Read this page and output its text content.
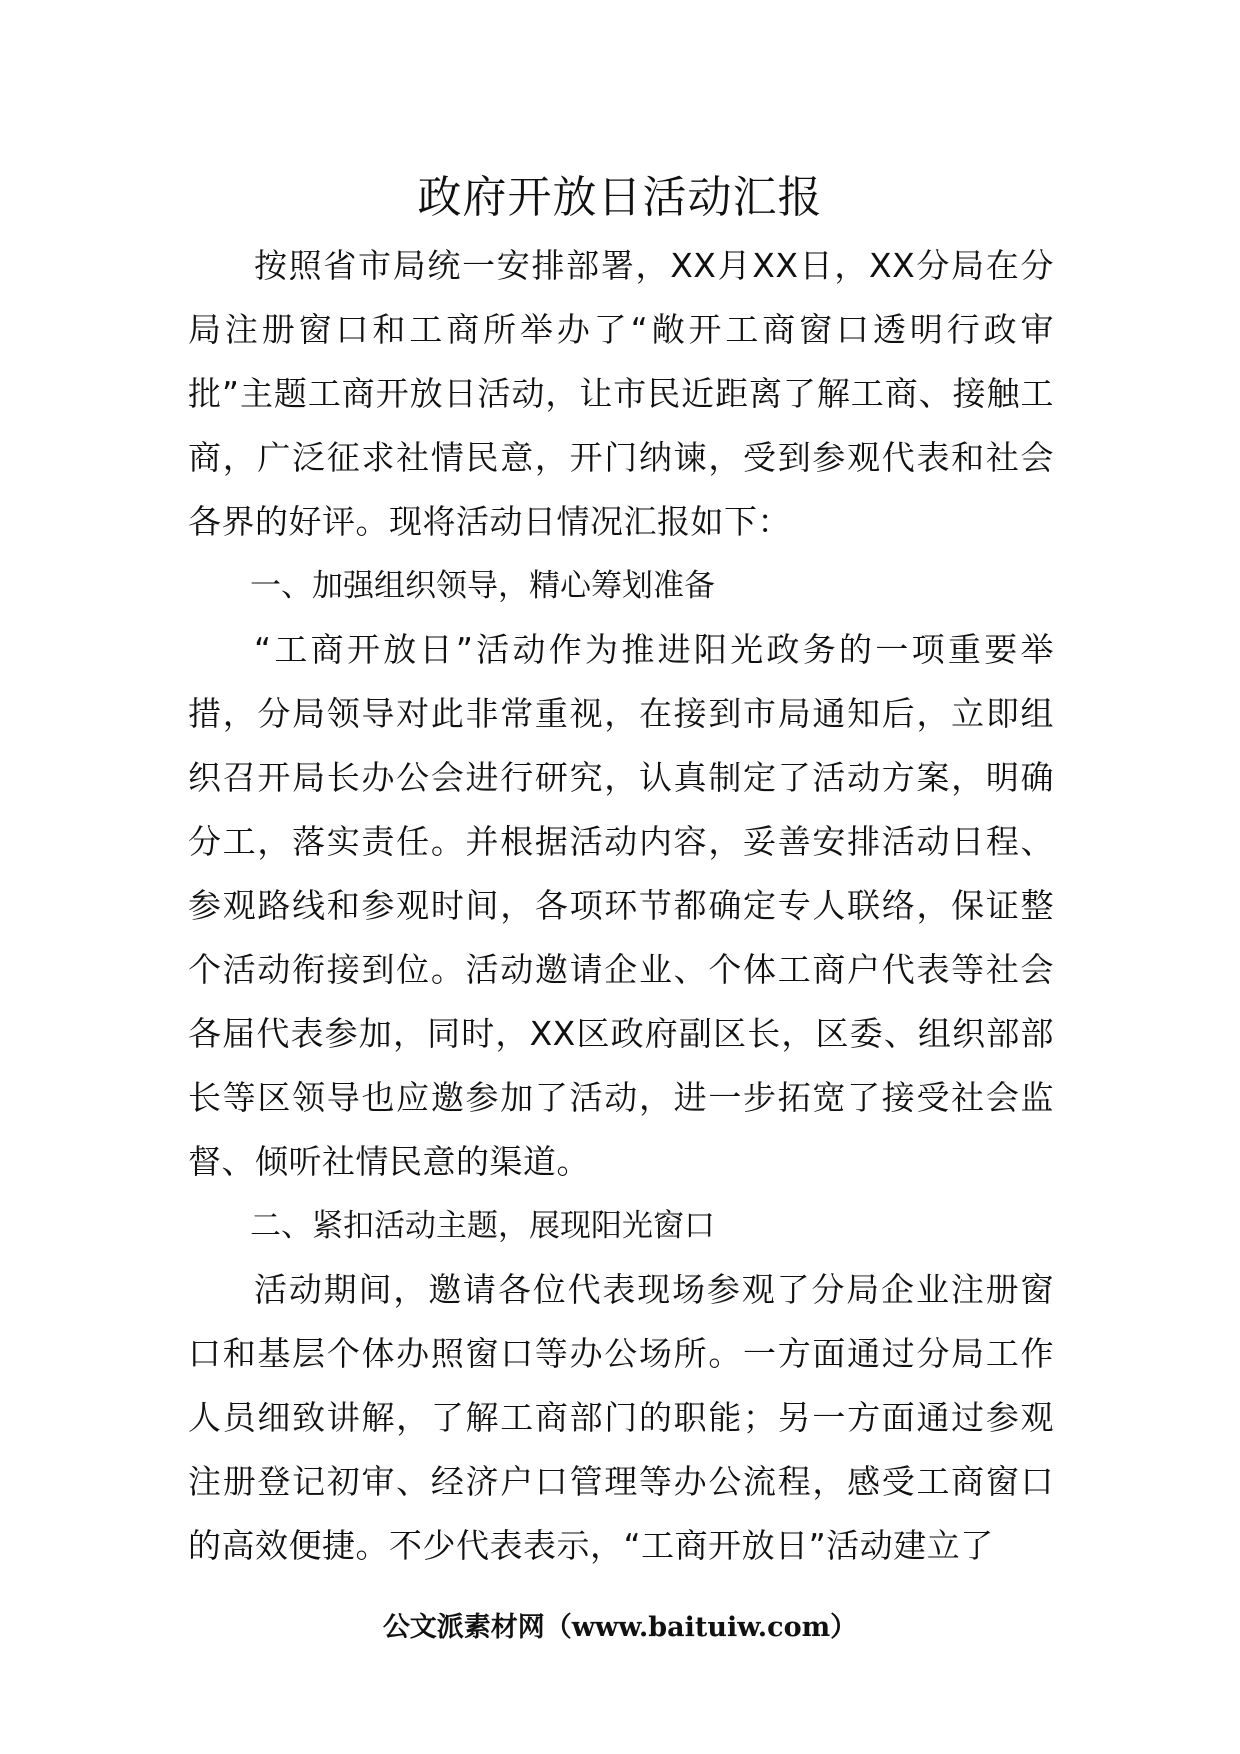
政府开放日活动汇报

按照省市局统一安排部署，XX月XX日，XX分局在分局注册窗口和工商所举办了“敞开工商窗口透明行政审批”主题工商开放日活动，让市民近距离了解工商、接触工商，广泛征求社情民意，开门纳谏，受到参观代表和社会各界的好评。现将活动日情况汇报如下：

一、加强组织领导，精心筹划准备

“工商开放日”活动作为推进阳光政务的一项重要举措，分局领导对此非常重视，在接到市局通知后，立即组织召开局长办公会进行研究，认真制定了活动方案，明确分工，落实责任。并根据活动内容，妥善安排活动日程、参观路线和参观时间，各项环节都确定专人联络，保证整个活动衔接到位。活动邀请企业、个体工商户代表等社会各届代表参加，同时，XX区政府副区长，区委、组织部部长等区领导也应邀参加了活动，进一步拓宽了接受社会监督、倾听社情民意的渠道。

二、紧扣活动主题，展现阳光窗口

活动期间，邀请各位代表现场参观了分局企业注册窗口和基层个体办照窗口等办公场所。一方面通过分局工作人员细致讲解，了解工商部门的职能；另一方面通过参观注册登记初审、经济户口管理等办公流程，感受工商窗口的高效便捷。不少代表表示，“工商开放日”活动建立了

公文派素材网（www.baituiw.com）
